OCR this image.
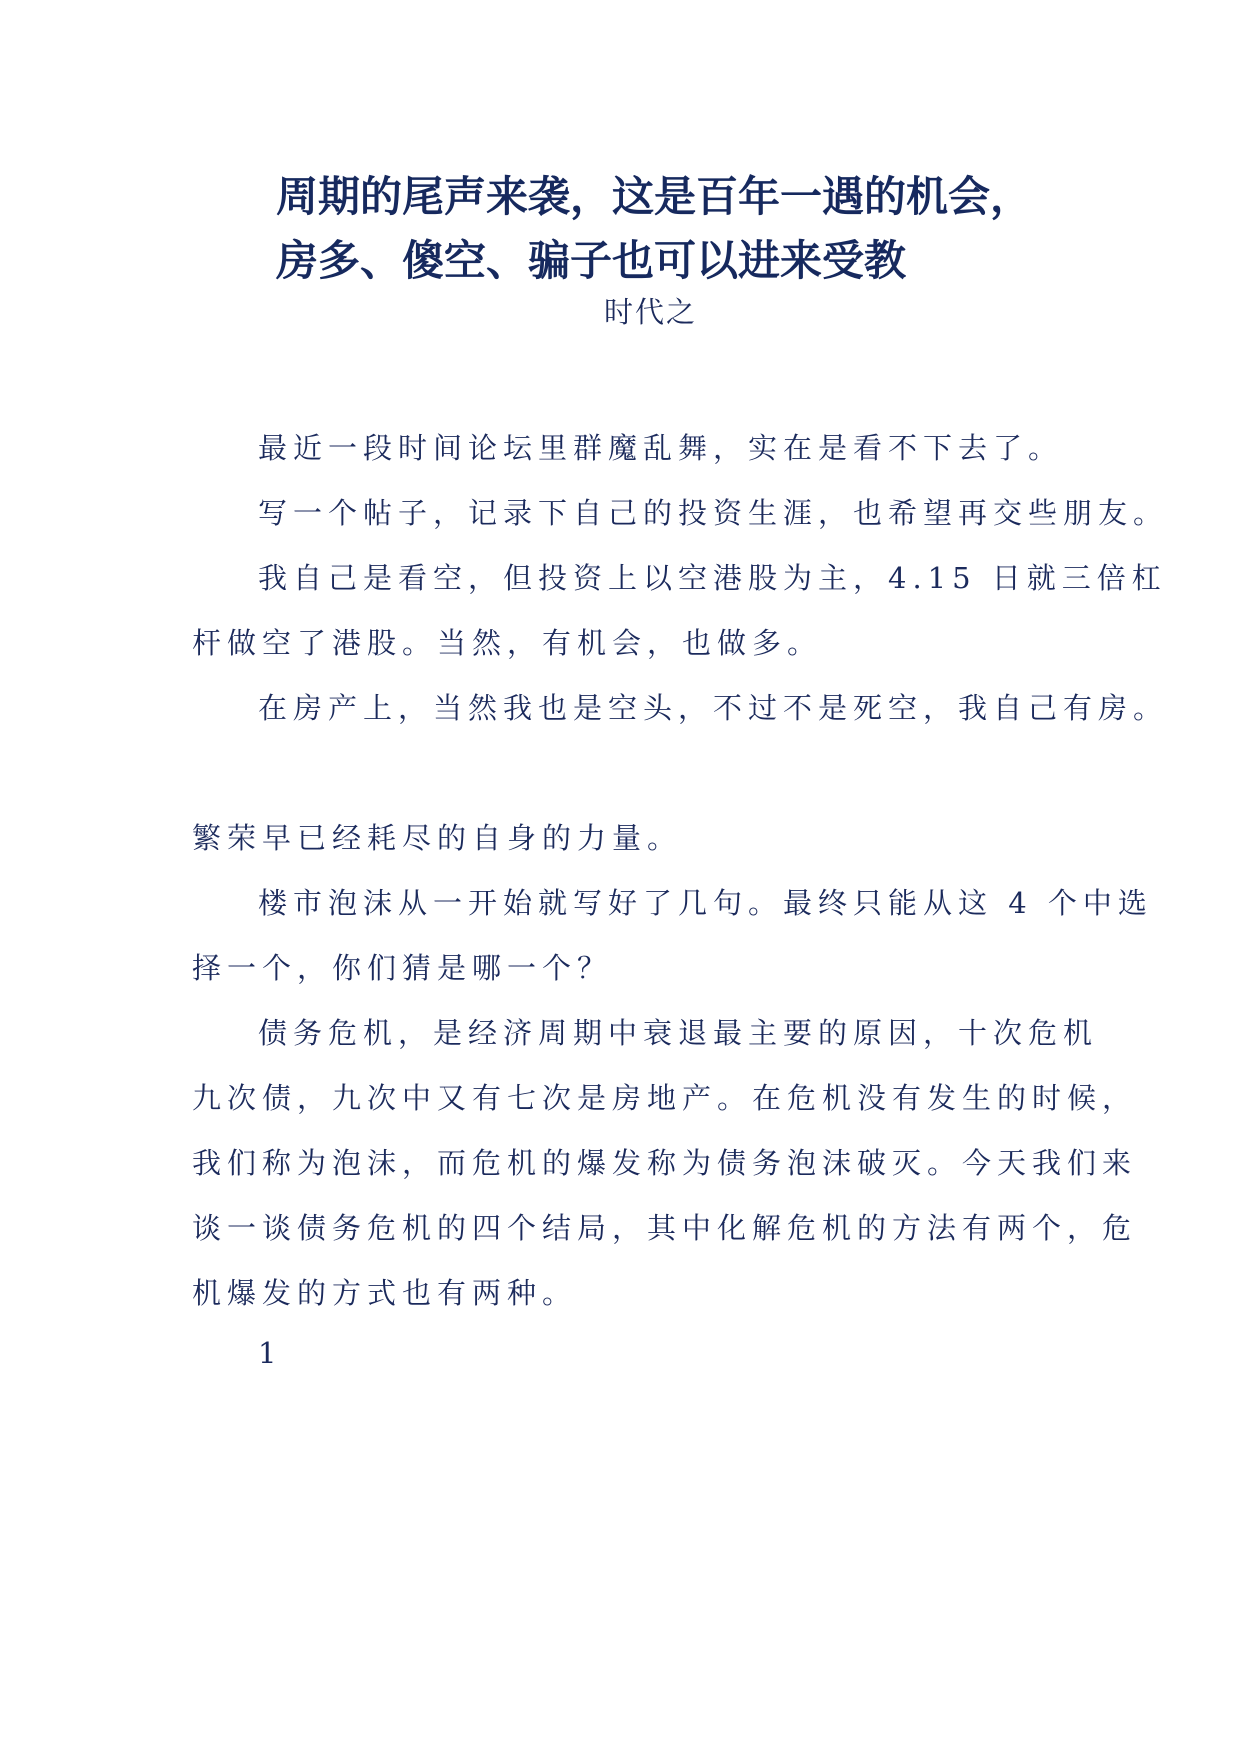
周期的尾声来袭，这是百年一遇的机会，
房多、傻空、骗子也可以进来受教
时代之
最近一段时间论坛里群魔乱舞，实在是看不下去了。
写一个帖子，记录下自己的投资生涯，也希望再交些朋友。
我自己是看空，但投资上以空港股为主，4.15 日就三倍杠
杆做空了港股。当然，有机会，也做多。
在房产上，当然我也是空头，不过不是死空，我自己有房。
繁荣早已经耗尽的自身的力量。
楼市泡沫从一开始就写好了几句。最终只能从这 4 个中选
择一个，你们猜是哪一个？
债务危机，是经济周期中衰退最主要的原因，十次危机
九次债，九次中又有七次是房地产。在危机没有发生的时候，
我们称为泡沫，而危机的爆发称为债务泡沫破灭。今天我们来
谈一谈债务危机的四个结局，其中化解危机的方法有两个，危
机爆发的方式也有两种。
1
